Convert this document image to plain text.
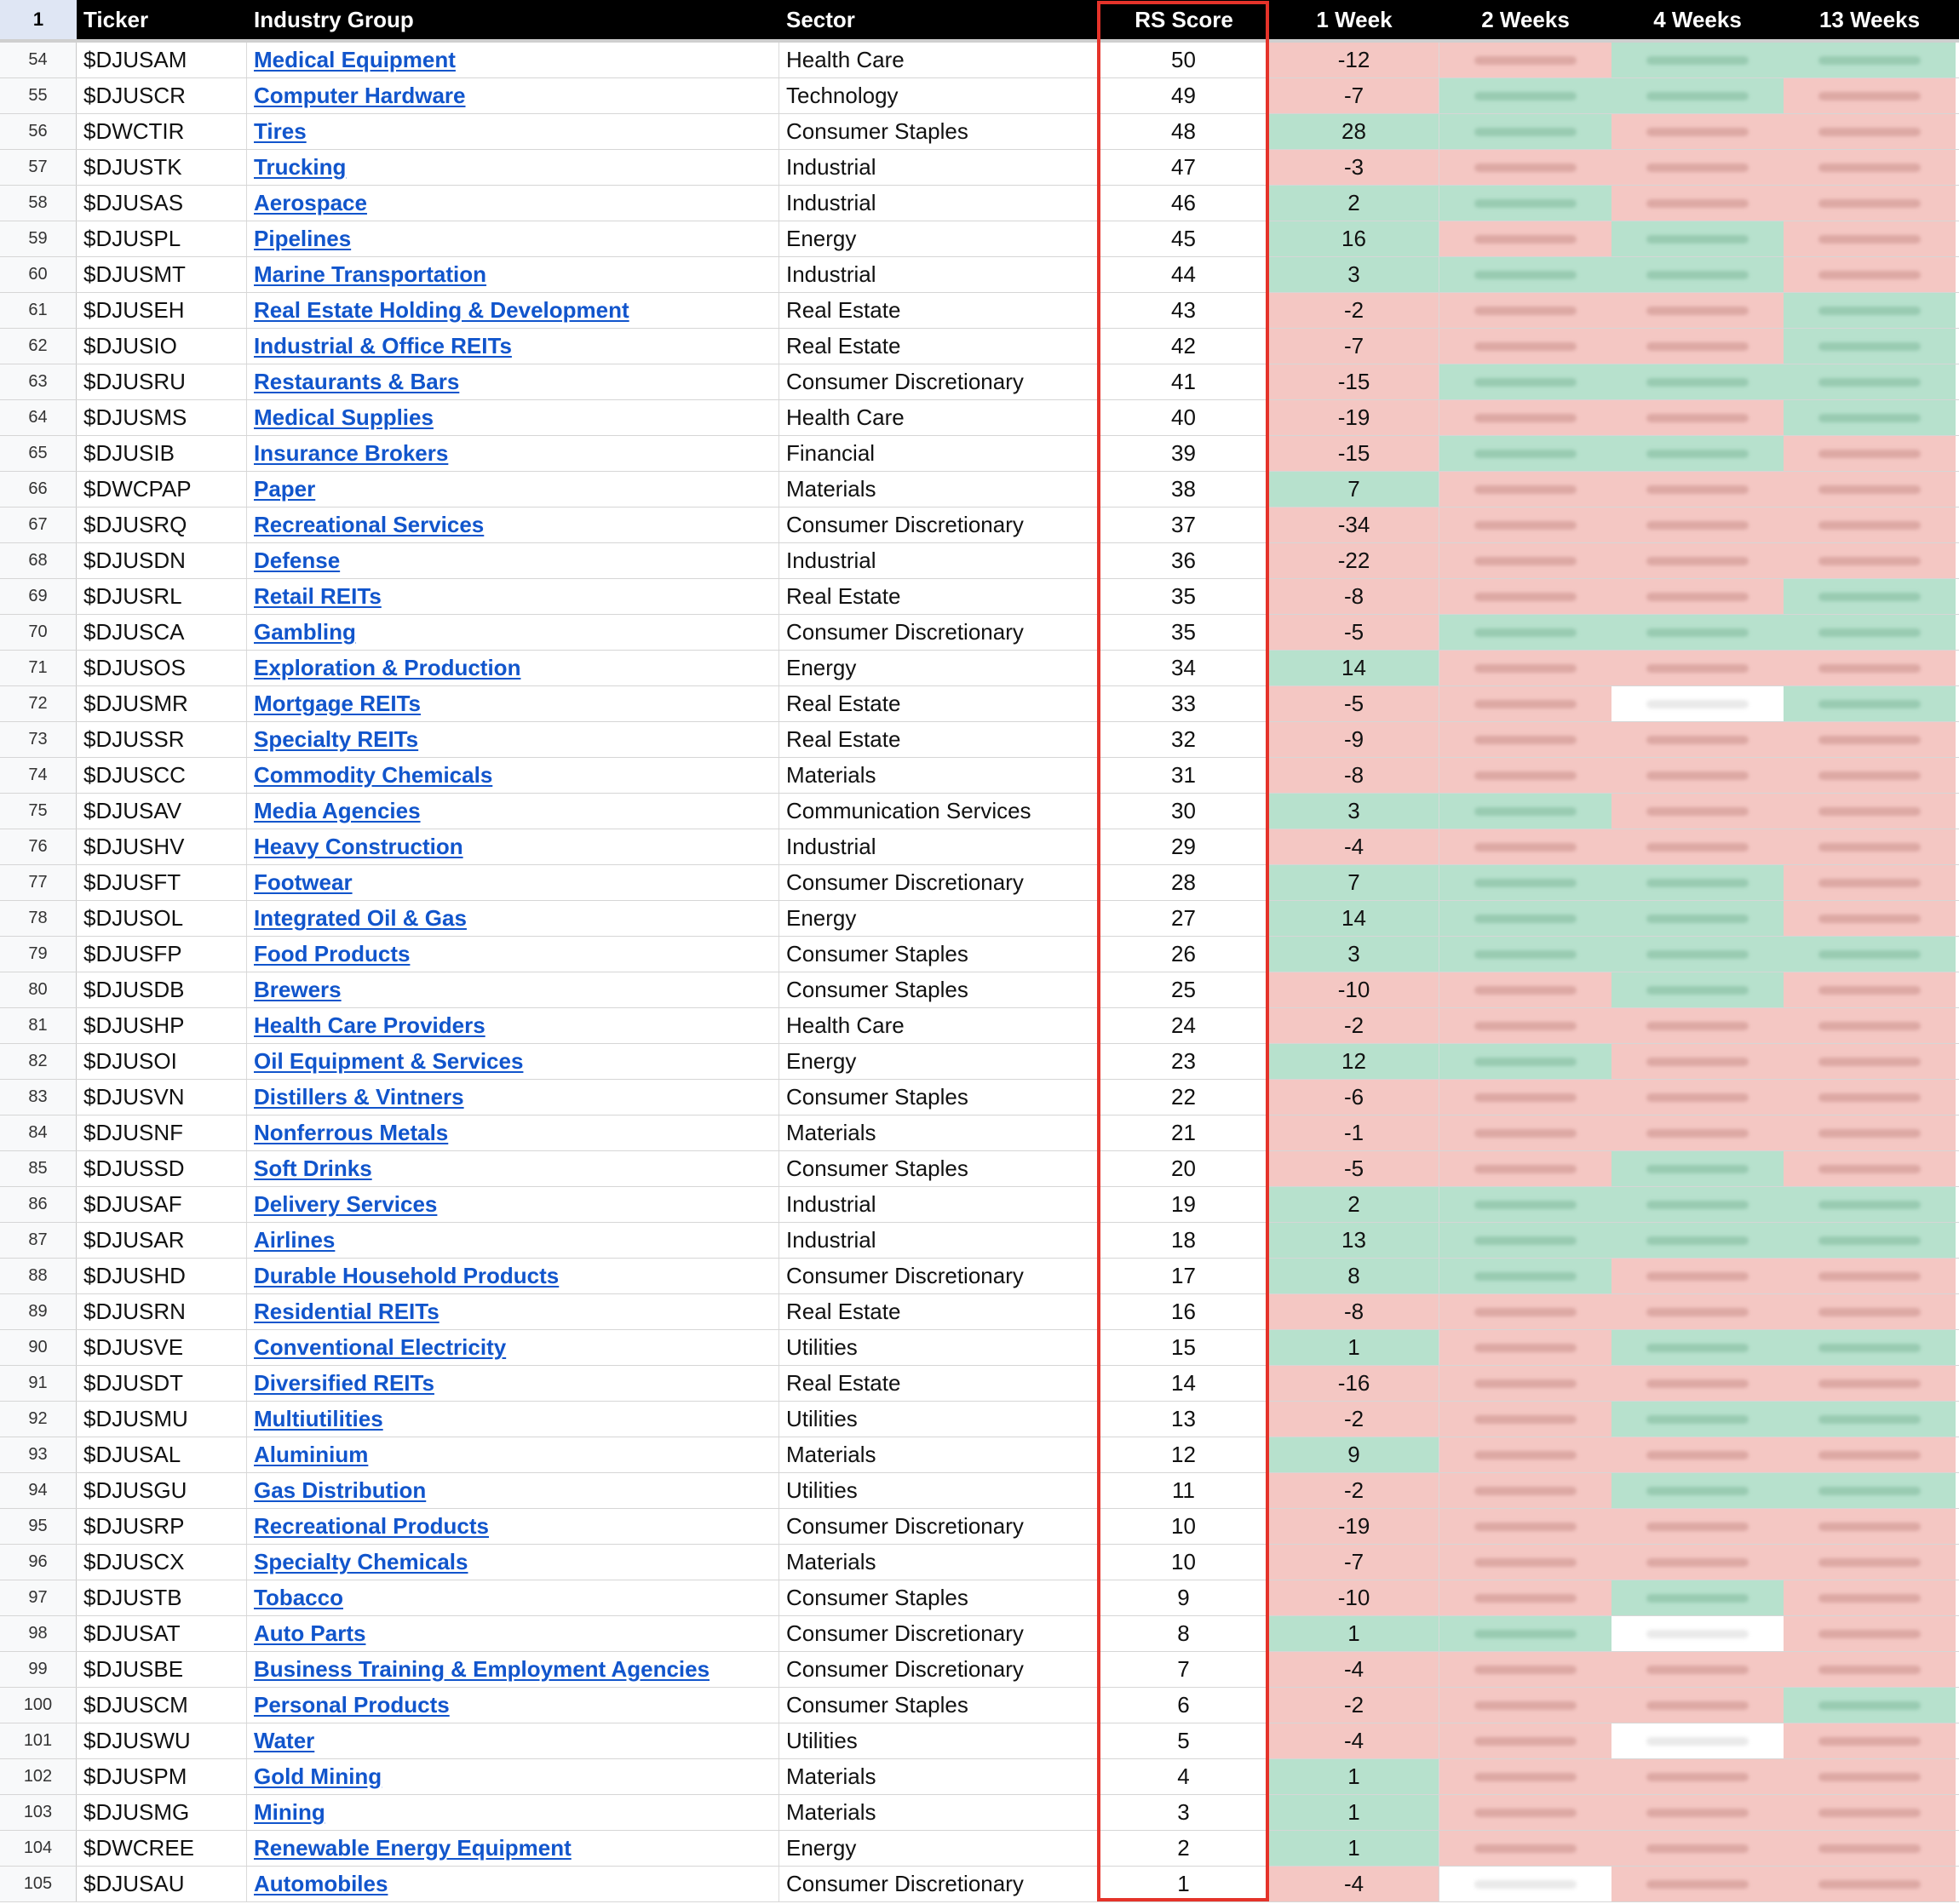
1	Ticker	Industry Group	Sector	RS Score	1 Week	2 Weeks	4 Weeks	13 Weeks
54	$DJUSAM	Medical Equipment	Health Care	50	-12
55	$DJUSCR	Computer Hardware	Technology	49	-7
56	$DWCTIR	Tires	Consumer Staples	48	28
57	$DJUSTK	Trucking	Industrial	47	-3
58	$DJUSAS	Aerospace	Industrial	46	2
59	$DJUSPL	Pipelines	Energy	45	16
60	$DJUSMT	Marine Transportation	Industrial	44	3
61	$DJUSEH	Real Estate Holding & Development	Real Estate	43	-2
62	$DJUSIO	Industrial & Office REITs	Real Estate	42	-7
63	$DJUSRU	Restaurants & Bars	Consumer Discretionary	41	-15
64	$DJUSMS	Medical Supplies	Health Care	40	-19
65	$DJUSIB	Insurance Brokers	Financial	39	-15
66	$DWCPAP	Paper	Materials	38	7
67	$DJUSRQ	Recreational Services	Consumer Discretionary	37	-34
68	$DJUSDN	Defense	Industrial	36	-22
69	$DJUSRL	Retail REITs	Real Estate	35	-8
70	$DJUSCA	Gambling	Consumer Discretionary	35	-5
71	$DJUSOS	Exploration & Production	Energy	34	14
72	$DJUSMR	Mortgage REITs	Real Estate	33	-5
73	$DJUSSR	Specialty REITs	Real Estate	32	-9
74	$DJUSCC	Commodity Chemicals	Materials	31	-8
75	$DJUSAV	Media Agencies	Communication Services	30	3
76	$DJUSHV	Heavy Construction	Industrial	29	-4
77	$DJUSFT	Footwear	Consumer Discretionary	28	7
78	$DJUSOL	Integrated Oil & Gas	Energy	27	14
79	$DJUSFP	Food Products	Consumer Staples	26	3
80	$DJUSDB	Brewers	Consumer Staples	25	-10
81	$DJUSHP	Health Care Providers	Health Care	24	-2
82	$DJUSOI	Oil Equipment & Services	Energy	23	12
83	$DJUSVN	Distillers & Vintners	Consumer Staples	22	-6
84	$DJUSNF	Nonferrous Metals	Materials	21	-1
85	$DJUSSD	Soft Drinks	Consumer Staples	20	-5
86	$DJUSAF	Delivery Services	Industrial	19	2
87	$DJUSAR	Airlines	Industrial	18	13
88	$DJUSHD	Durable Household Products	Consumer Discretionary	17	8
89	$DJUSRN	Residential REITs	Real Estate	16	-8
90	$DJUSVE	Conventional Electricity	Utilities	15	1
91	$DJUSDT	Diversified REITs	Real Estate	14	-16
92	$DJUSMU	Multiutilities	Utilities	13	-2
93	$DJUSAL	Aluminium	Materials	12	9
94	$DJUSGU	Gas Distribution	Utilities	11	-2
95	$DJUSRP	Recreational Products	Consumer Discretionary	10	-19
96	$DJUSCX	Specialty Chemicals	Materials	10	-7
97	$DJUSTB	Tobacco	Consumer Staples	9	-10
98	$DJUSAT	Auto Parts	Consumer Discretionary	8	1
99	$DJUSBE	Business Training & Employment Agencies	Consumer Discretionary	7	-4
100	$DJUSCM	Personal Products	Consumer Staples	6	-2
101	$DJUSWU	Water	Utilities	5	-4
102	$DJUSPM	Gold Mining	Materials	4	1
103	$DJUSMG	Mining	Materials	3	1
104	$DWCREE	Renewable Energy Equipment	Energy	2	1
105	$DJUSAU	Automobiles	Consumer Discretionary	1	-4
